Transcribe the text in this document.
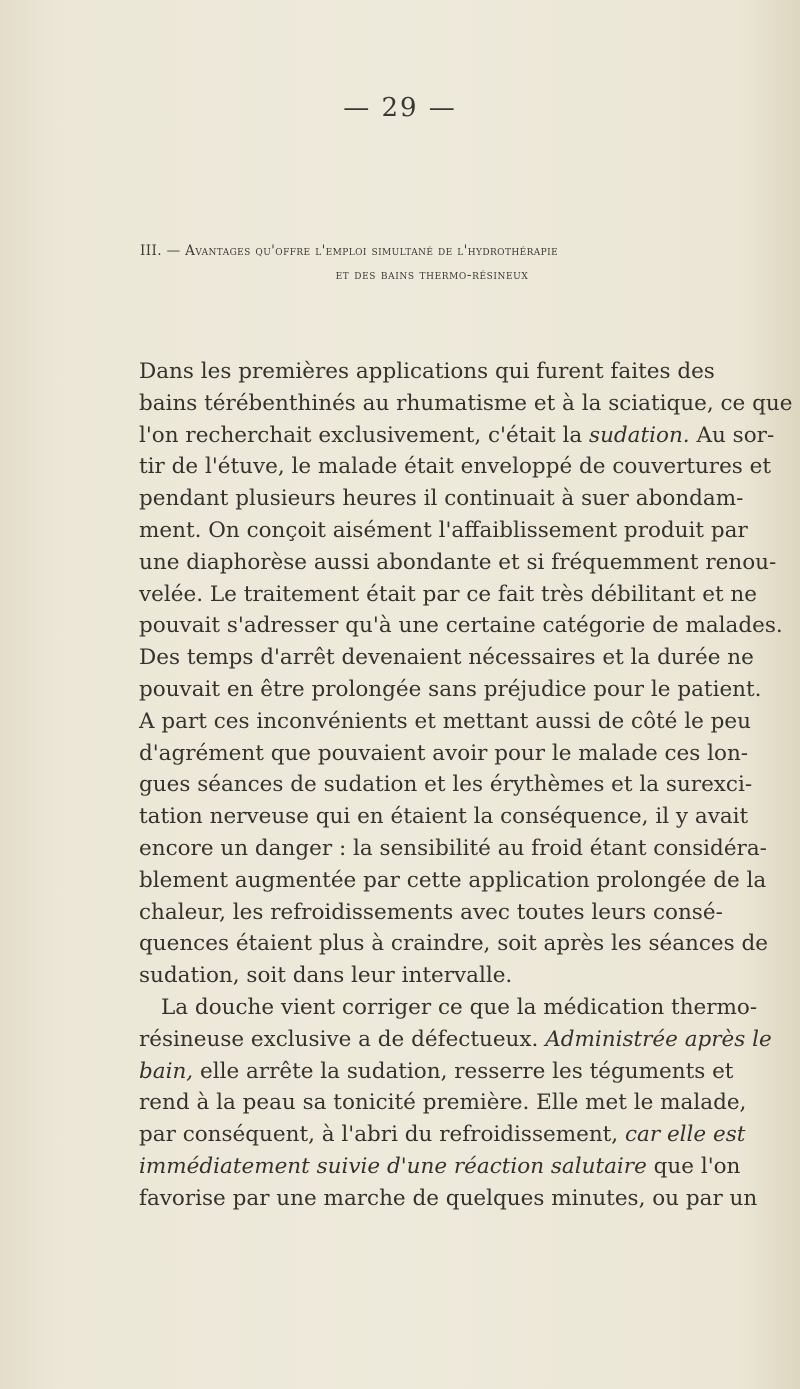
— 29 —
III. — Avantages qu'offre l'emploi simultané de l'hydrothérapie
et des bains thermo-résineux
Dans les premières applications qui furent faites des
bains térébenthinés au rhumatisme et à la sciatique, ce que
l'on recherchait exclusivement, c'était la sudation. Au sor-
tir de l'étuve, le malade était enveloppé de couvertures et
pendant plusieurs heures il continuait à suer abondam-
ment. On conçoit aisément l'affaiblissement produit par
une diaphorèse aussi abondante et si fréquemment renou-
velée. Le traitement était par ce fait très débilitant et ne
pouvait s'adresser qu'à une certaine catégorie de malades.
Des temps d'arrêt devenaient nécessaires et la durée ne
pouvait en être prolongée sans préjudice pour le patient.
A part ces inconvénients et mettant aussi de côté le peu
d'agrément que pouvaient avoir pour le malade ces lon-
gues séances de sudation et les érythèmes et la surexci-
tation nerveuse qui en étaient la conséquence, il y avait
encore un danger : la sensibilité au froid étant considéra-
blement augmentée par cette application prolongée de la
chaleur, les refroidissements avec toutes leurs consé-
quences étaient plus à craindre, soit après les séances de
sudation, soit dans leur intervalle.
La douche vient corriger ce que la médication thermo-
résineuse exclusive a de défectueux. Administrée après le
bain, elle arrête la sudation, resserre les téguments et
rend à la peau sa tonicité première. Elle met le malade,
par conséquent, à l'abri du refroidissement, car elle est
immédiatement suivie d'une réaction salutaire que l'on
favorise par une marche de quelques minutes, ou par un
